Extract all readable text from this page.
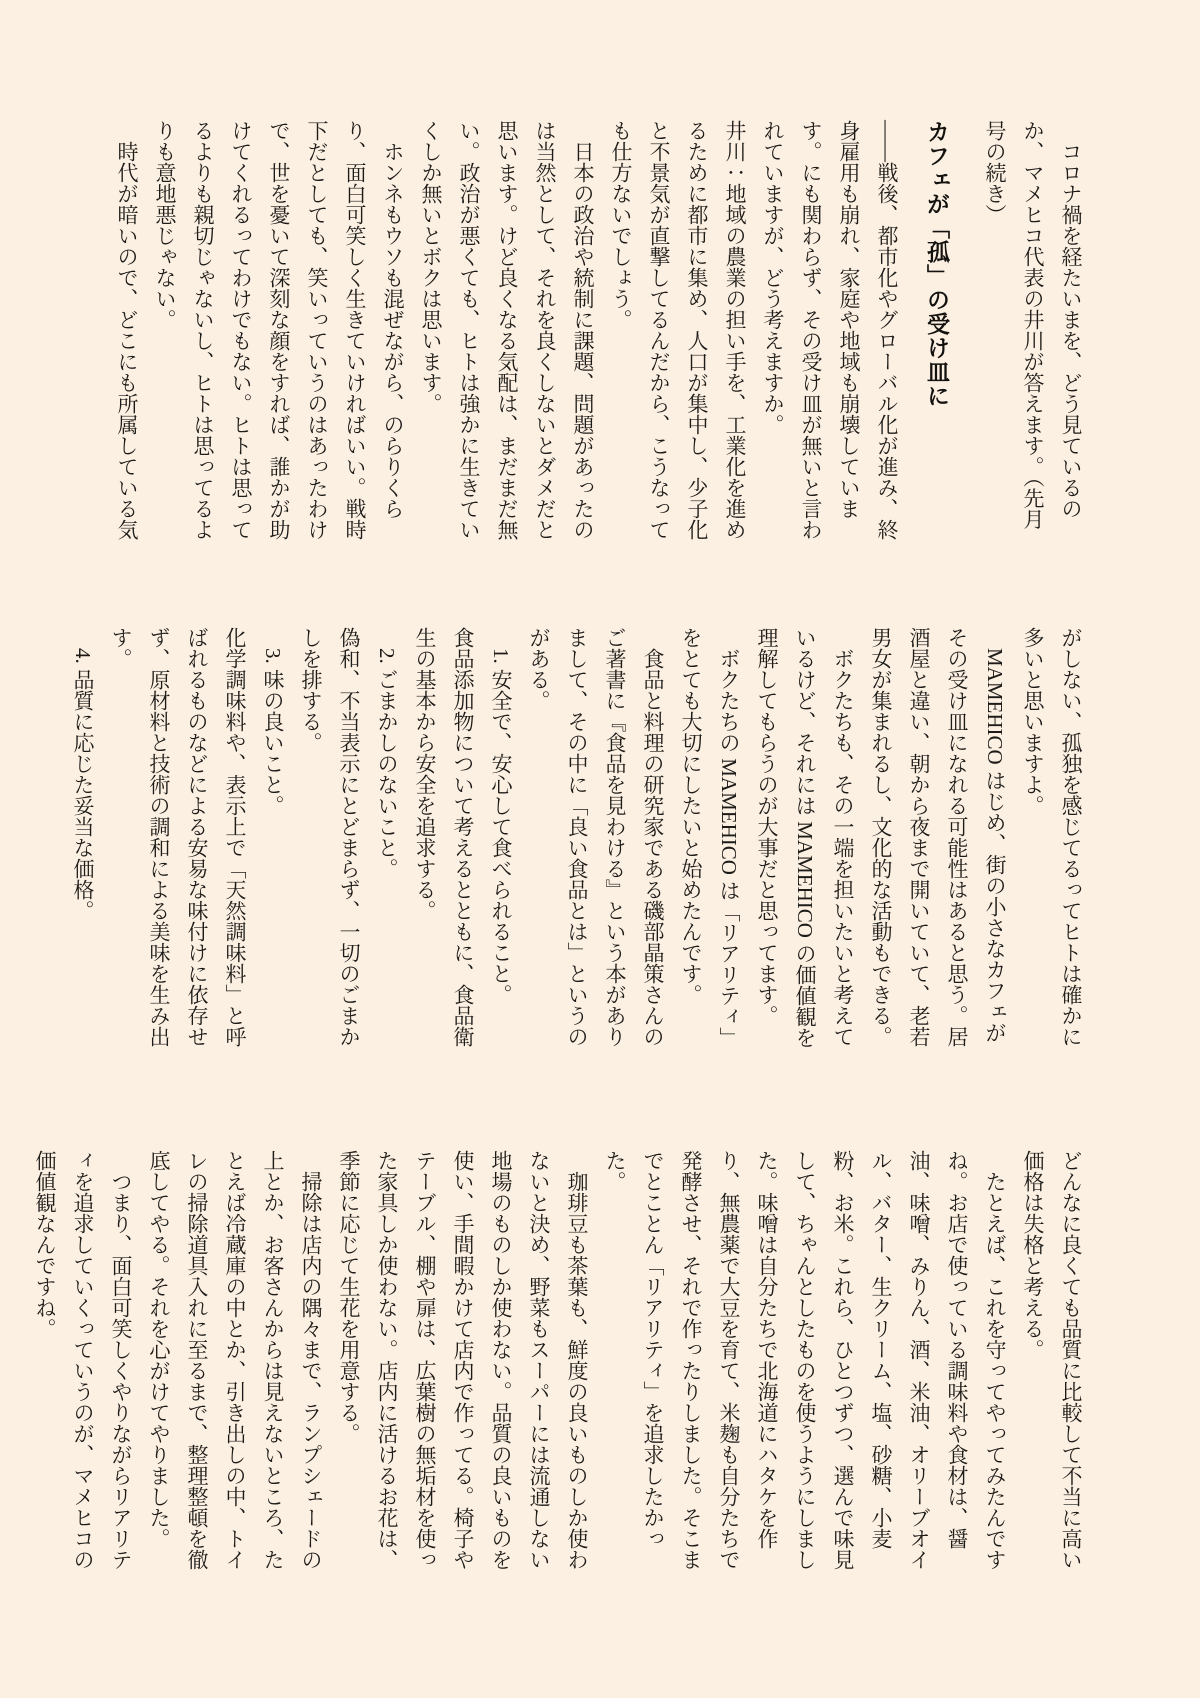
コロナ禍を経たいまを、どう見ているのか、マメヒコ代表の井川が答えます。（先月号の続き）

カフェが「孤」の受け皿に

――戦後、都市化やグローバル化が進み、終身雇用も崩れ、家庭や地域も崩壊しています。にも関わらず、その受け皿が無いと言われていますが、どう考えますか。

井川：地域の農業の担い手を、工業化を進めるために都市に集め、人口が集中し、少子化と不景気が直撃してるんだから、こうなっても仕方ないでしょう。

日本の政治や統制に課題、問題があったのは当然として、それを良くしないとダメだと思います。けど良くなる気配は、まだまだ無い。政治が悪くても、ヒトは強かに生きていくしか無いとボクは思います。

ホンネもウソも混ぜながら、のらりくらり、面白可笑しく生きていければいい。戦時下だとしても、笑いっていうのはあったわけで、世を憂いて深刻な顔をすれば、誰かが助けてくれるってわけでもない。ヒトは思ってるよりも親切じゃないし、ヒトは思ってるよりも意地悪じゃない。

時代が暗いので、どこにも所属している気

がしない、孤独を感じてるってヒトは確かに多いと思いますよ。

MAMEHICO はじめ、街の小さなカフェがその受け皿になれる可能性はあると思う。居酒屋と違い、朝から夜まで開いていて、老若男女が集まれるし、文化的な活動もできる。

ボクたちも、その一端を担いたいと考えているけど、それには MAMEHICO の価値観を理解してもらうのが大事だと思ってます。

ボクたちの MAMEHICO は「リアリティ」をとても大切にしたいと始めたんです。

食品と料理の研究家である磯部晶策さんのご著書に『食品を見わける』という本がありまして、その中に「良い食品とは」というのがある。

1. 安全で、安心して食べられること。

食品添加物について考えるとともに、食品衛生の基本から安全を追求する。

2. ごまかしのないこと。

偽和、不当表示にとどまらず、一切のごまかしを排する。

3. 味の良いこと。

化学調味料や、表示上で「天然調味料」と呼ばれるものなどによる安易な味付けに依存せず、原材料と技術の調和による美味を生み出す。

4. 品質に応じた妥当な価格。

どんなに良くても品質に比較して不当に高い価格は失格と考える。

たとえば、これを守ってやってみたんですね。お店で使っている調味料や食材は、醤油、味噌、みりん、酒、米油、オリーブオイル、バター、生クリーム、塩、砂糖、小麦粉、お米。これら、ひとつずつ、選んで味見して、ちゃんとしたものを使うようにしました。味噌は自分たちで北海道にハタケを作り、無農薬で大豆を育て、米麹も自分たちで発酵させ、それで作ったりしました。そこまでとことん「リアリティ」を追求したかった。

珈琲豆も茶葉も、鮮度の良いものしか使わないと決め、野菜もスーパーには流通しない地場のものしか使わない。品質の良いものを使い、手間暇かけて店内で作ってる。椅子やテーブル、棚や扉は、広葉樹の無垢材を使った家具しか使わない。店内に活けるお花は、季節に応じて生花を用意する。

掃除は店内の隅々まで、ランプシェードの上とか、お客さんからは見えないところ、たとえば冷蔵庫の中とか、引き出しの中、トイレの掃除道具入れに至るまで、整理整頓を徹底してやる。それを心がけてやりました。

つまり、面白可笑しくやりながらリアリティを追求していくっていうのが、マメヒコの価値観なんですね。
